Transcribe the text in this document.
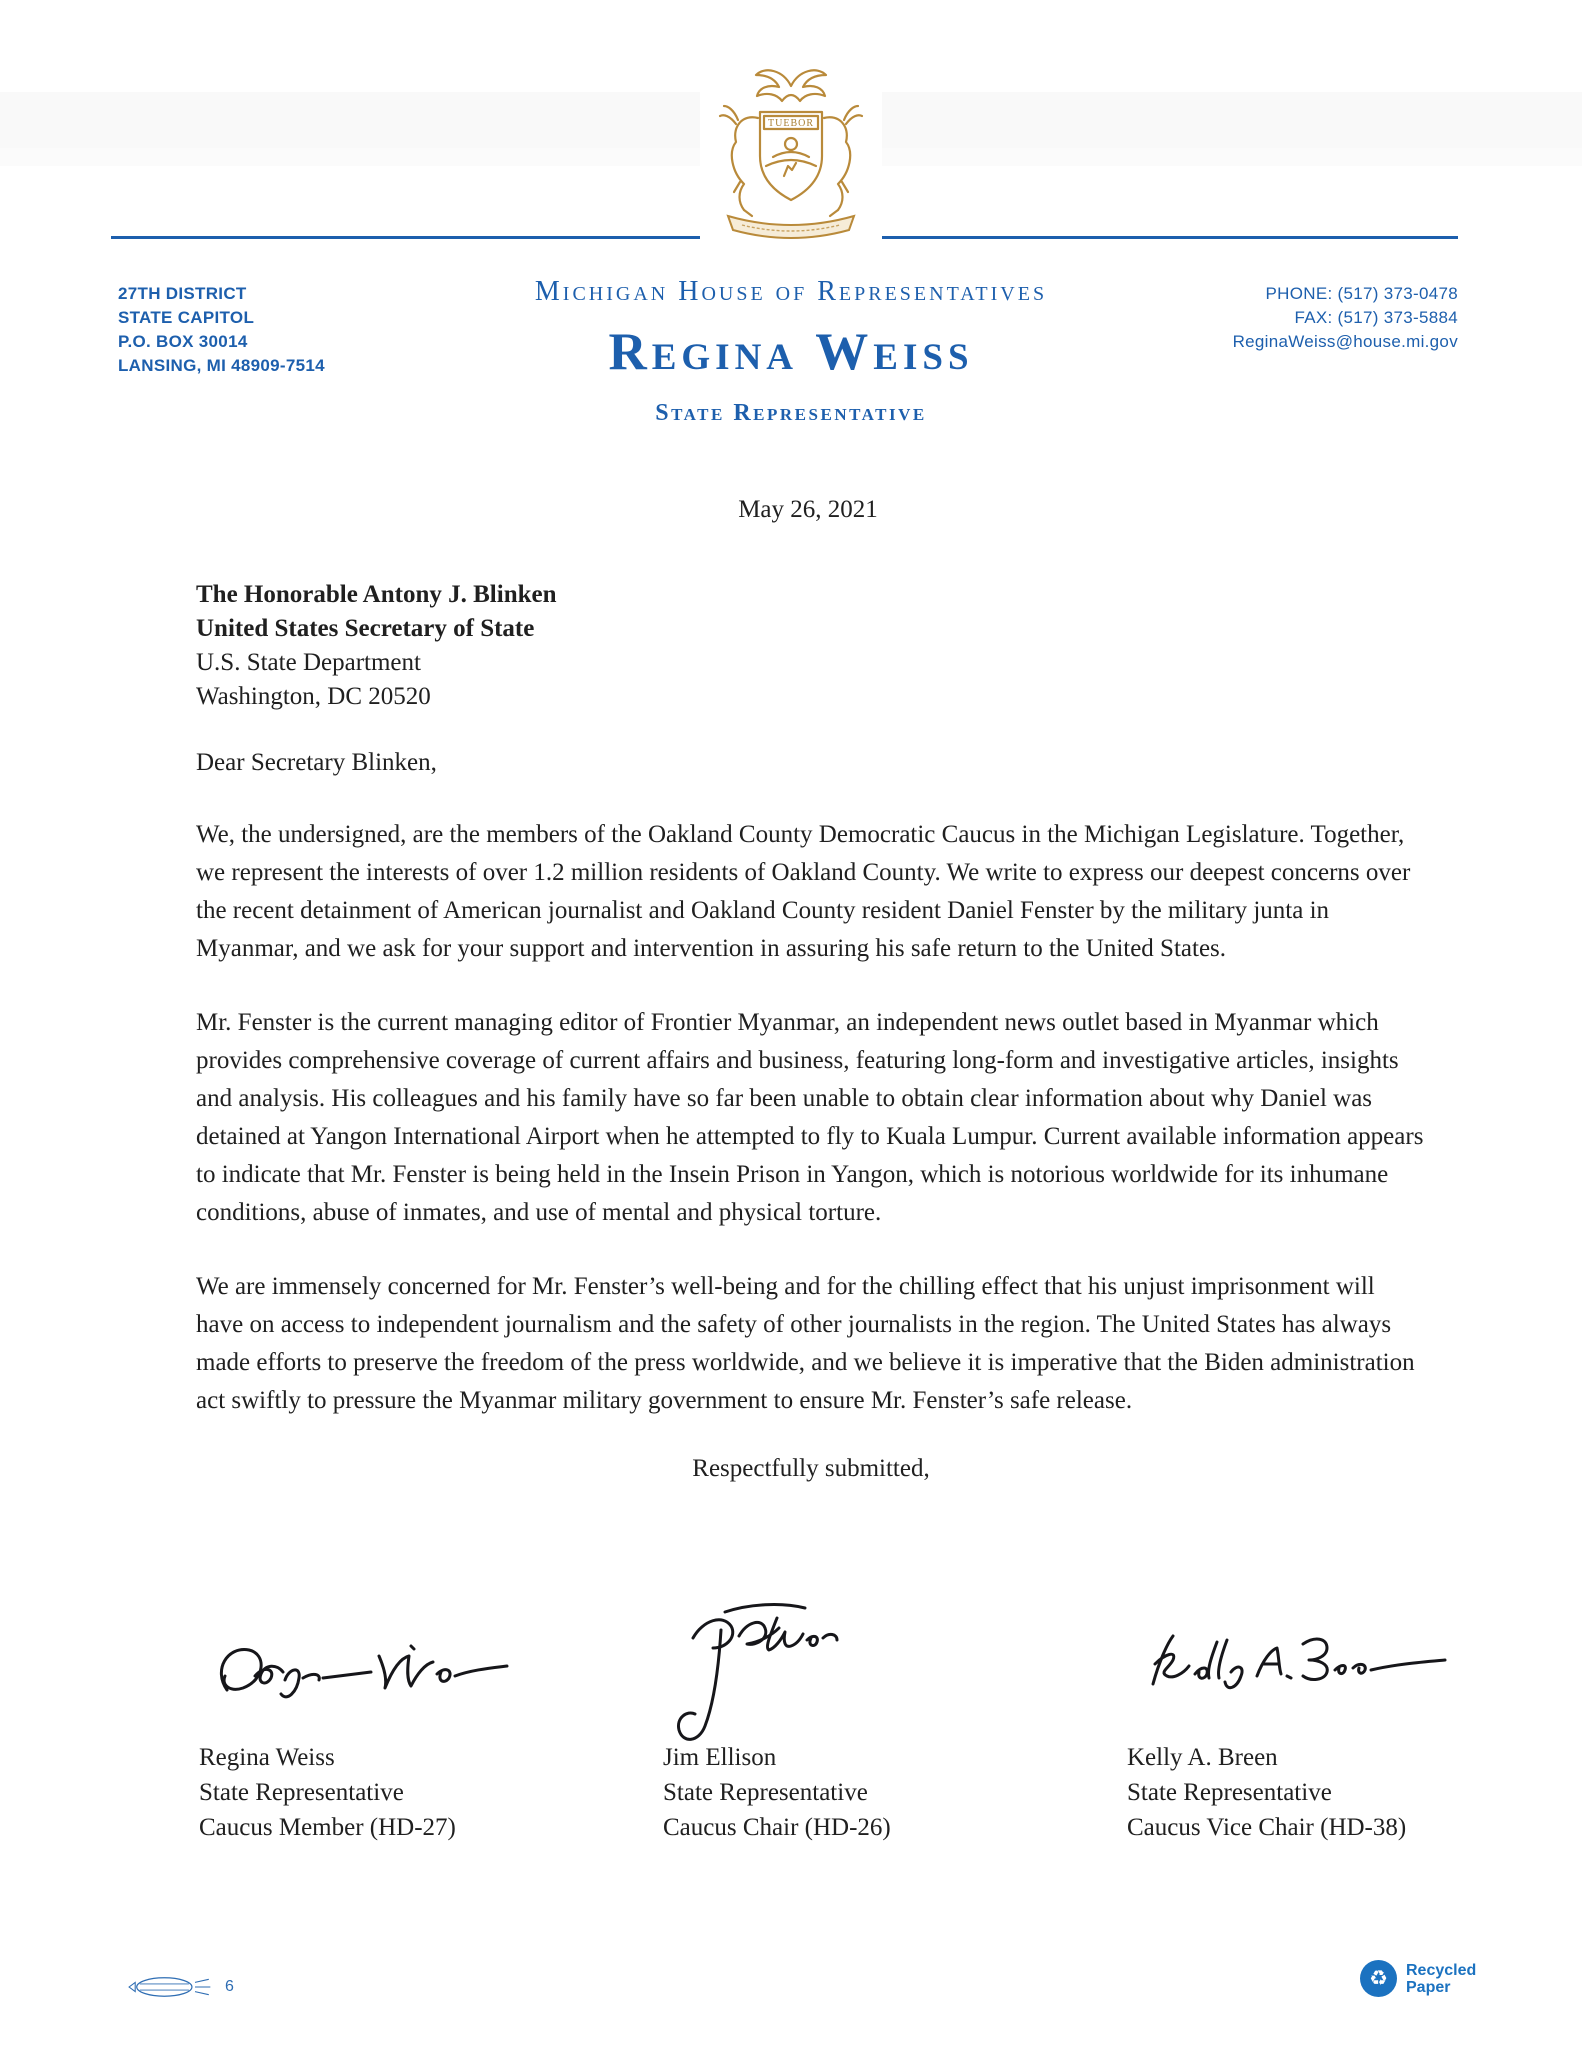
TUEBOR
27TH DISTRICT
STATE CAPITOL
P.O. BOX 30014
LANSING, MI 48909-7514
Michigan House of Representatives
Regina Weiss
State Representative
PHONE: (517) 373-0478
FAX: (517) 373-5884
ReginaWeiss@house.mi.gov
May 26, 2021
The Honorable Antony J. Blinken
United States Secretary of State
U.S. State Department
Washington, DC 20520

Dear Secretary Blinken,

We, the undersigned, are the members of the Oakland County Democratic Caucus in the Michigan Legislature. Together, we represent the interests of over 1.2 million residents of Oakland County. We write to express our deepest concerns over the recent detainment of American journalist and Oakland County resident Daniel Fenster by the military junta in Myanmar, and we ask for your support and intervention in assuring his safe return to the United States.

Mr. Fenster is the current managing editor of Frontier Myanmar, an independent news outlet based in Myanmar which provides comprehensive coverage of current affairs and business, featuring long-form and investigative articles, insights and analysis. His colleagues and his family have so far been unable to obtain clear information about why Daniel was detained at Yangon International Airport when he attempted to fly to Kuala Lumpur. Current available information appears to indicate that Mr. Fenster is being held in the Insein Prison in Yangon, which is notorious worldwide for its inhumane conditions, abuse of inmates, and use of mental and physical torture.

We are immensely concerned for Mr. Fenster’s well-being and for the chilling effect that his unjust imprisonment will have on access to independent journalism and the safety of other journalists in the region. The United States has always made efforts to preserve the freedom of the press worldwide, and we believe it is imperative that the Biden administration act swiftly to pressure the Myanmar military government to ensure Mr. Fenster’s safe release.

Respectfully submitted,

Regina Weiss
State Representative
Caucus Member (HD-27)
Jim Ellison
State Representative
Caucus Chair (HD-26)
Kelly A. Breen
State Representative
Caucus Vice Chair (HD-38)
6	♻	Recycled
Paper
